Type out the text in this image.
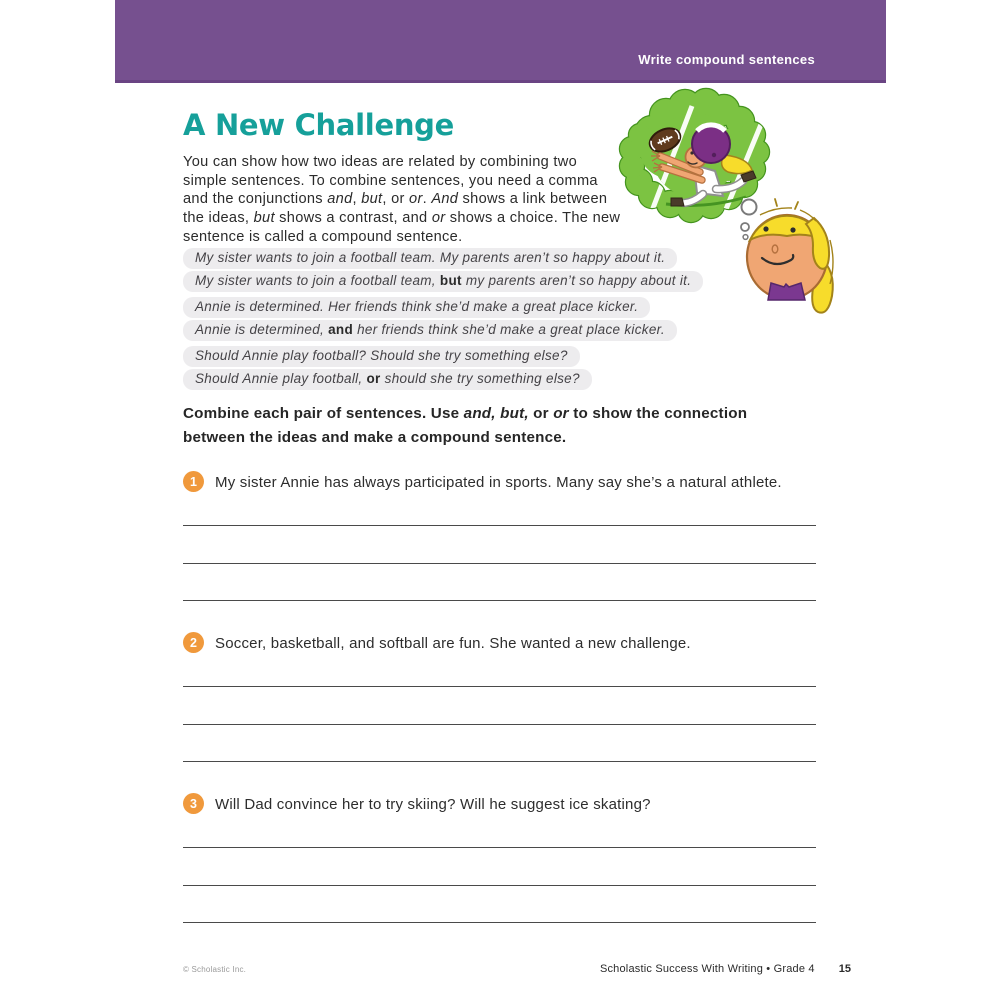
Write compound sentences
A New Challenge
You can show how two ideas are related by combining two
simple sentences. To combine sentences, you need a comma
and the conjunctions and, but, or or. And shows a link between
the ideas, but shows a contrast, and or shows a choice. The new
sentence is called a compound sentence.
My sister wants to join a football team. My parents aren’t so happy about it.
My sister wants to join a football team, but my parents aren’t so happy about it.
Annie is determined. Her friends think she’d make a great place kicker.
Annie is determined, and her friends think she’d make a great place kicker.
Should Annie play football? Should she try something else?
Should Annie play football, or should she try something else?
Combine each pair of sentences. Use and, but, or or to show the connection
between the ideas and make a compound sentence.
1	My sister Annie has always participated in sports. Many say she’s a natural athlete.
2	Soccer, basketball, and softball are fun. She wanted a new challenge.
3	Will Dad convince her to try skiing? Will he suggest ice skating?
© Scholastic Inc.	Scholastic Success With Writing • Grade 4 15
